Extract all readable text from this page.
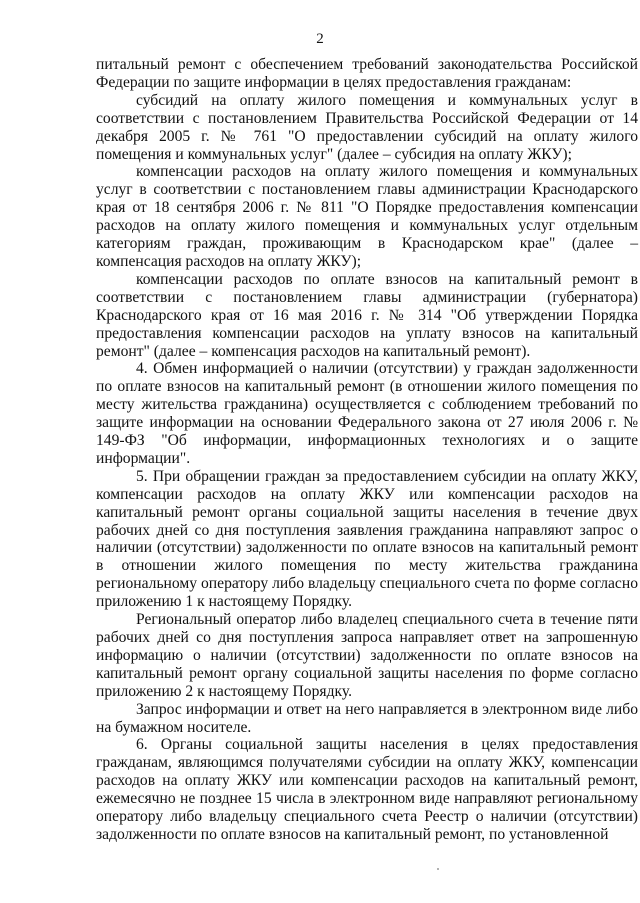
2

питальный ремонт с обеспечением требований законодательства Российской Федерации по защите информации в целях предоставления гражданам:

субсидий на оплату жилого помещения и коммунальных услуг в соответствии с постановлением Правительства Российской Федерации от 14 декабря 2005 г. № 761 "О предоставлении субсидий на оплату жилого помещения и коммунальных услуг" (далее – субсидия на оплату ЖКУ);

компенсации расходов на оплату жилого помещения и коммунальных услуг в соответствии с постановлением главы администрации Краснодарского края от 18 сентября 2006 г. № 811 "О Порядке предоставления компенсации расходов на оплату жилого помещения и коммунальных услуг отдельным категориям граждан, проживающим в Краснодарском крае" (далее – компенсация расходов на оплату ЖКУ);

компенсации расходов по оплате взносов на капитальный ремонт в соответствии с постановлением главы администрации (губернатора) Краснодарского края от 16 мая 2016 г. № 314 "Об утверждении Порядка предоставления компенсации расходов на уплату взносов на капитальный ремонт" (далее – компенсация расходов на капитальный ремонт).

4. Обмен информацией о наличии (отсутствии) у граждан задолженности по оплате взносов на капитальный ремонт (в отношении жилого помещения по месту жительства гражданина) осуществляется с соблюдением требований по защите информации на основании Федерального закона от 27 июля 2006 г. № 149-ФЗ "Об информации, информационных технологиях и о защите информации".

5. При обращении граждан за предоставлением субсидии на оплату ЖКУ, компенсации расходов на оплату ЖКУ или компенсации расходов на капитальный ремонт органы социальной защиты населения в течение двух рабочих дней со дня поступления заявления гражданина направляют запрос о наличии (отсутствии) задолженности по оплате взносов на капитальный ремонт в отношении жилого помещения по месту жительства гражданина региональному оператору либо владельцу специального счета по форме согласно приложению 1 к настоящему Порядку.

Региональный оператор либо владелец специального счета в течение пяти рабочих дней со дня поступления запроса направляет ответ на запрошенную информацию о наличии (отсутствии) задолженности по оплате взносов на капитальный ремонт органу социальной защиты населения по форме согласно приложению 2 к настоящему Порядку.

Запрос информации и ответ на него направляется в электронном виде либо на бумажном носителе.

6. Органы социальной защиты населения в целях предоставления гражданам, являющимся получателями субсидии на оплату ЖКУ, компенсации расходов на оплату ЖКУ или компенсации расходов на капитальный ремонт, ежемесячно не позднее 15 числа в электронном виде направляют региональному оператору либо владельцу специального счета Реестр о наличии (отсутствии) задолженности по оплате взносов на капитальный ремонт, по установленной
